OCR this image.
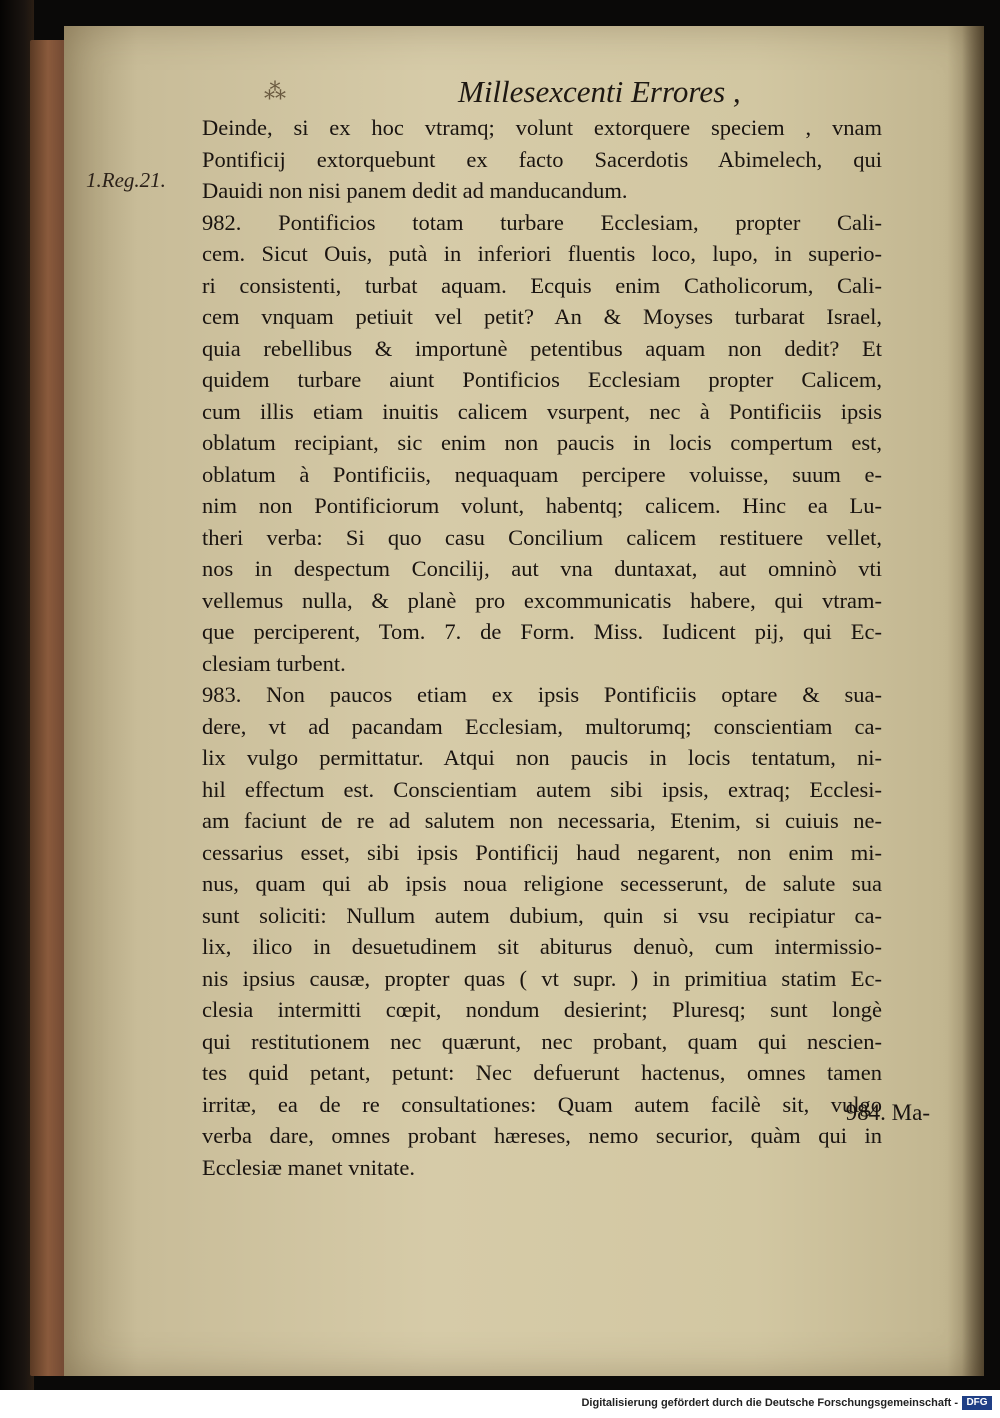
⁂	Millesexcenti Errores ,
1.Reg.21.
Deinde, si ex hoc vtramq; volunt extorquere speciem , vnam
Pontificij extorquebunt ex facto Sacerdotis Abimelech, qui
Dauidi non nisi panem dedit ad manducandum.
982. Pontificios totam turbare Ecclesiam, propter Cali-
cem. Sicut Ouis, putà in inferiori fluentis loco, lupo, in superio-
ri consistenti, turbat aquam. Ecquis enim Catholicorum, Cali-
cem vnquam petiuit vel petit? An & Moyses turbarat Israel,
quia rebellibus & importunè petentibus aquam non dedit? Et
quidem turbare aiunt Pontificios Ecclesiam propter Calicem,
cum illis etiam inuitis calicem vsurpent, nec à Pontificiis ipsis
oblatum recipiant, sic enim non paucis in locis compertum est,
oblatum à Pontificiis, nequaquam percipere voluisse, suum e-
nim non Pontificiorum volunt, habentq; calicem. Hinc ea Lu-
theri verba: Si quo casu Concilium calicem restituere vellet,
nos in despectum Concilij, aut vna duntaxat, aut omninò vti
vellemus nulla, & planè pro excommunicatis habere, qui vtram-
que perciperent, Tom. 7. de Form. Miss. Iudicent pij, qui Ec-
clesiam turbent.
983. Non paucos etiam ex ipsis Pontificiis optare & sua-
dere, vt ad pacandam Ecclesiam, multorumq; conscientiam ca-
lix vulgo permittatur. Atqui non paucis in locis tentatum, ni-
hil effectum est. Conscientiam autem sibi ipsis, extraq; Ecclesi-
am faciunt de re ad salutem non necessaria, Etenim, si cuiuis ne-
cessarius esset, sibi ipsis Pontificij haud negarent, non enim mi-
nus, quam qui ab ipsis noua religione secesserunt, de salute sua
sunt soliciti: Nullum autem dubium, quin si vsu recipiatur ca-
lix, ilico in desuetudinem sit abiturus denuò, cum intermissio-
nis ipsius causæ, propter quas ( vt supr. ) in primitiua statim Ec-
clesia intermitti cœpit, nondum desierint; Pluresq; sunt longè
qui restitutionem nec quærunt, nec probant, quam qui nescien-
tes quid petant, petunt: Nec defuerunt hactenus, omnes tamen
irritæ, ea de re consultationes: Quam autem facilè sit, vulgo
verba dare, omnes probant hæreses, nemo securior, quàm qui in
Ecclesiæ manet vnitate.
984. Ma-
Digitalisierung gefördert durch die Deutsche Forschungsgemeinschaft - DFG
